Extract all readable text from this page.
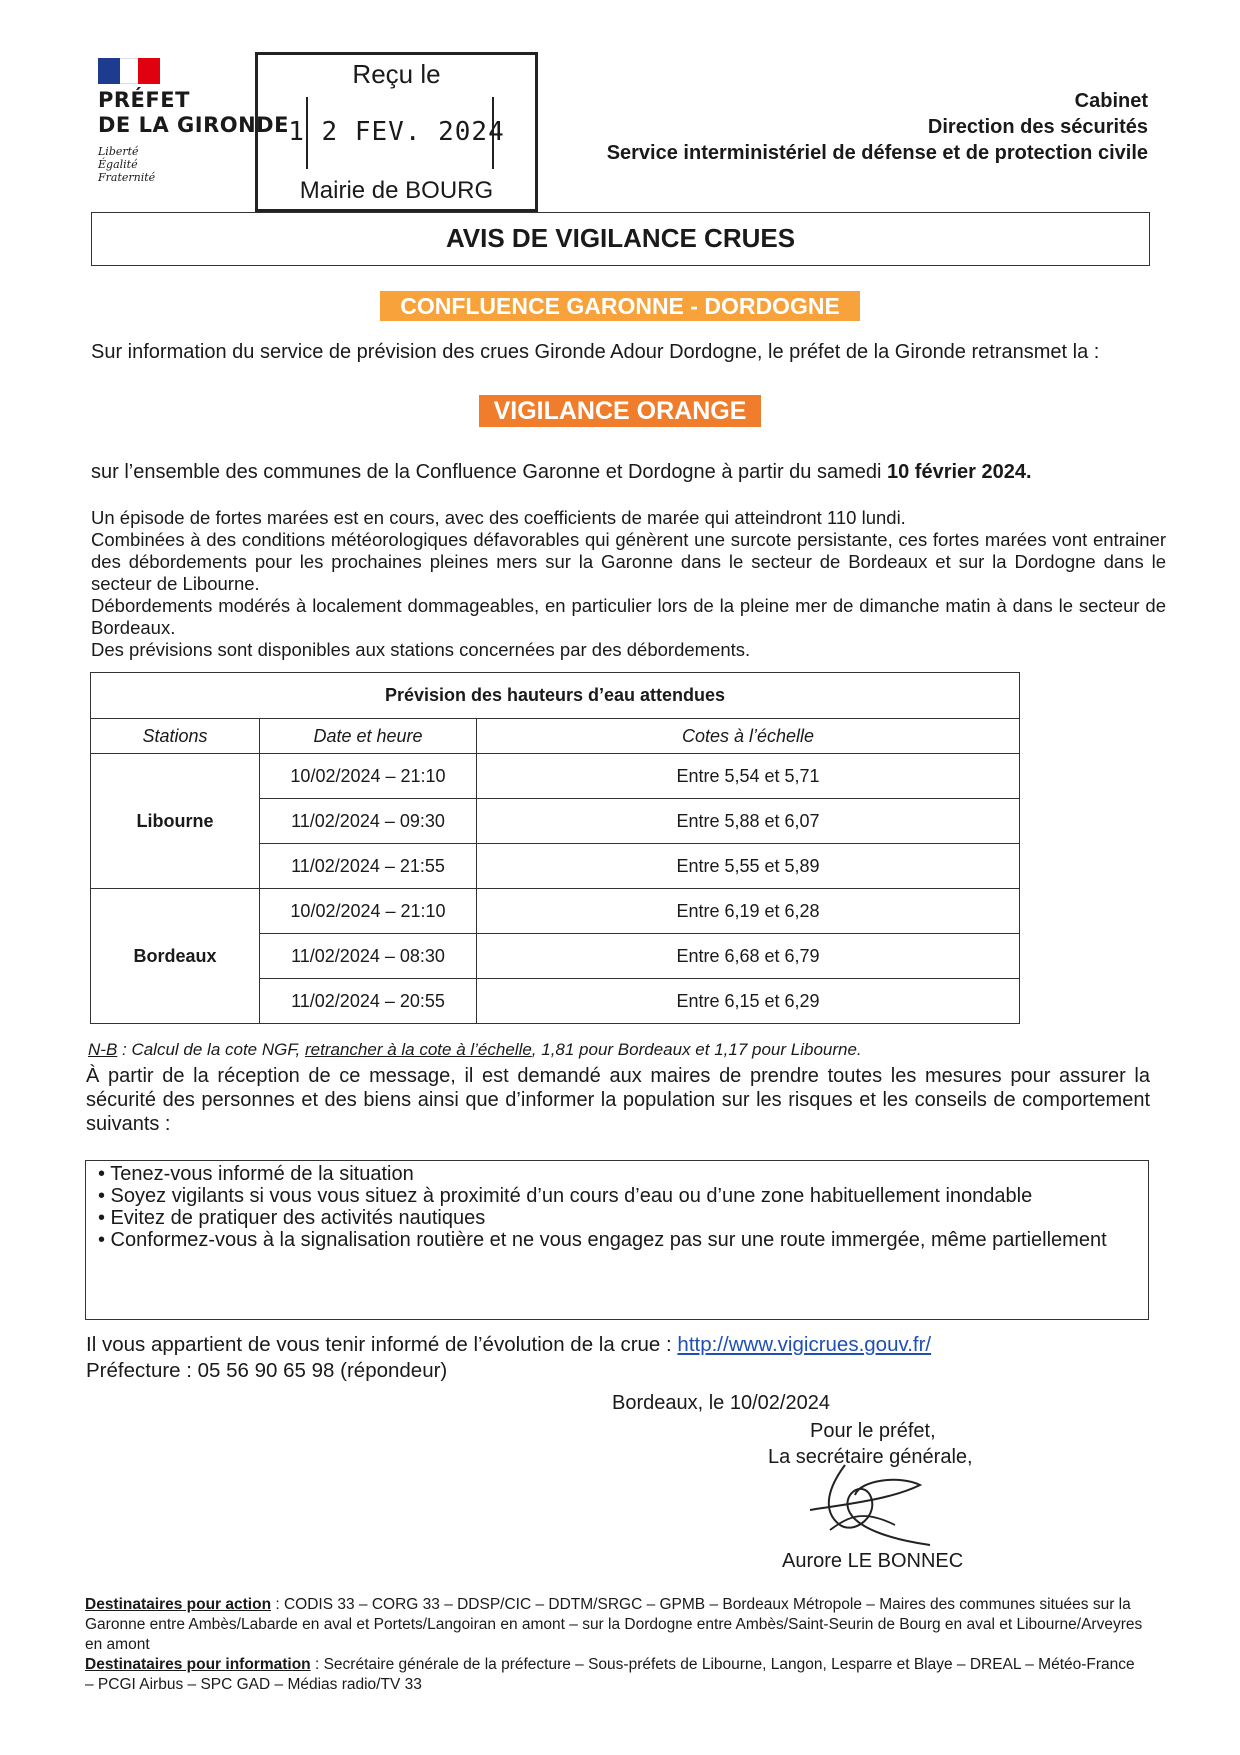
PRÉFET
DE LA GIRONDE
Liberté
Égalité
Fraternité
Reçu le
1 2 FEV. 2024
Mairie de BOURG
Cabinet
Direction des sécurités
Service interministériel de défense et de protection civile
AVIS DE VIGILANCE CRUES
CONFLUENCE GARONNE - DORDOGNE
Sur information du service de prévision des crues Gironde Adour Dordogne, le préfet de la Gironde retransmet la :
VIGILANCE ORANGE
sur l’ensemble des communes de la Confluence Garonne et Dordogne à partir du samedi 10 février 2024.
Un épisode de fortes marées est en cours, avec des coefficients de marée qui atteindront 110 lundi.
Combinées à des conditions météorologiques défavorables qui génèrent une surcote persistante, ces fortes marées vont entrainer des débordements pour les prochaines pleines mers sur la Garonne dans le secteur de Bordeaux et sur la Dordogne dans le secteur de Libourne.
Débordements modérés à localement dommageables, en particulier lors de la pleine mer de dimanche matin à dans le secteur de Bordeaux.
Des prévisions sont disponibles aux stations concernées par des débordements.
Prévision des hauteurs d’eau attendues		
Stations	Date et heure	Cotes à l’échelle
Libourne	10/02/2024 – 21:10	Entre 5,54 et 5,71
	11/02/2024 – 09:30	Entre 5,88 et 6,07
	11/02/2024 – 21:55	Entre 5,55 et 5,89
Bordeaux	10/02/2024 – 21:10	Entre 6,19 et 6,28
	11/02/2024 – 08:30	Entre 6,68 et 6,79
	11/02/2024 – 20:55	Entre 6,15 et 6,29
N-B : Calcul de la cote NGF, retrancher à la cote à l’échelle, 1,81 pour Bordeaux et 1,17 pour Libourne.
À partir de la réception de ce message, il est demandé aux maires de prendre toutes les mesures pour assurer la sécurité des personnes et des biens ainsi que d’informer la population sur les risques et les conseils de comportement suivants :
• Tenez-vous informé de la situation
• Soyez vigilants si vous vous situez à proximité d’un cours d’eau ou d’une zone habituellement inondable
• Evitez de pratiquer des activités nautiques
• Conformez-vous à la signalisation routière et ne vous engagez pas sur une route immergée, même partiellement
Il vous appartient de vous tenir informé de l’évolution de la crue : http://www.vigicrues.gouv.fr/
Préfecture : 05 56 90 65 98 (répondeur)
Bordeaux, le 10/02/2024
Pour le préfet,
La secrétaire générale,
Aurore LE BONNEC
Destinataires pour action : CODIS 33 – CORG 33 – DDSP/CIC – DDTM/SRGC – GPMB – Bordeaux Métropole – Maires des communes situées sur la Garonne entre Ambès/Labarde en aval et Portets/Langoiran en amont – sur la Dordogne entre Ambès/Saint-Seurin de Bourg en aval et Libourne/Arveyres en amont
Destinataires pour information : Secrétaire générale de la préfecture – Sous-préfets de Libourne, Langon, Lesparre et Blaye – DREAL – Météo-France – PCGI Airbus – SPC GAD – Médias radio/TV 33
